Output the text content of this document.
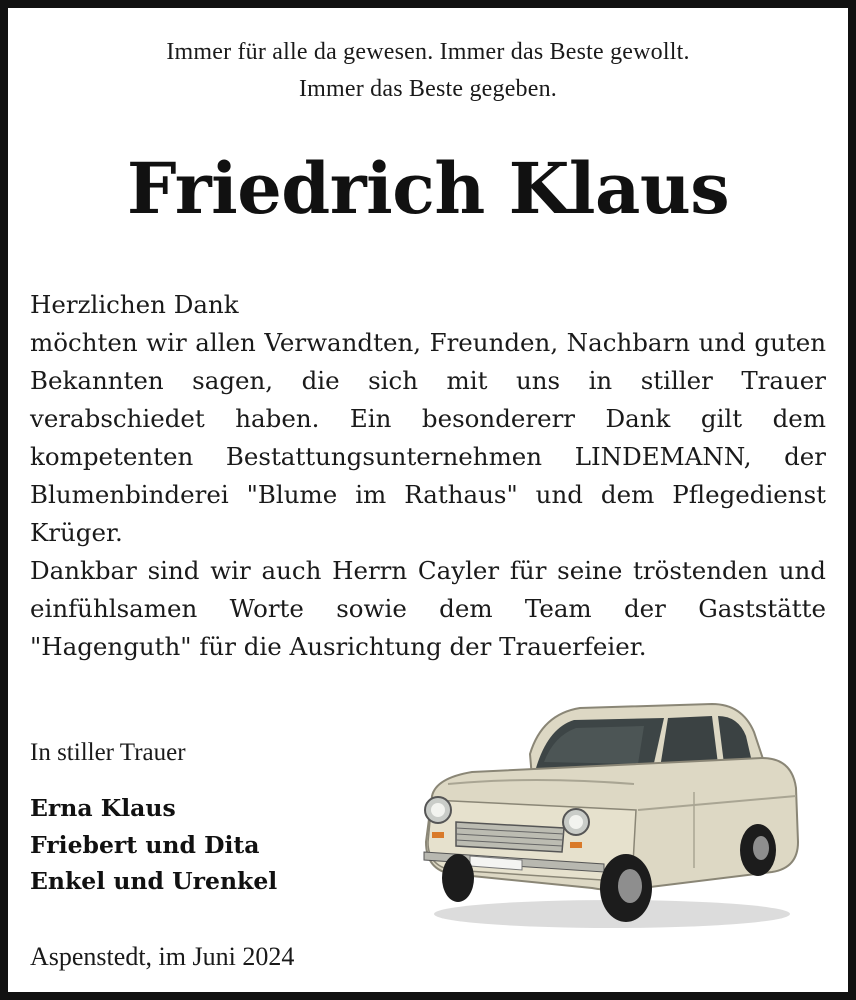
Immer für alle da gewesen. Immer das Beste gewollt.
Immer das Beste gegeben.
Friedrich Klaus
Herzlichen Dank

möchten wir allen Verwandten, Freunden, Nachbarn und guten Bekannten sagen, die sich mit uns in stiller Trauer verabschiedet haben. Ein besondererr Dank gilt dem kompetenten Bestattungsunternehmen LINDEMANN, der Blumenbinderei "Blume im Rathaus" und dem Pflegedienst Krüger.

Dankbar sind wir auch Herrn Cayler für seine tröstenden und einfühlsamen Worte sowie dem Team der Gaststätte "Hagenguth" für die Ausrichtung der Trauerfeier.

In stiller Trauer
Erna Klaus
Friebert und Dita
Enkel und Urenkel
Aspenstedt, im Juni 2024
